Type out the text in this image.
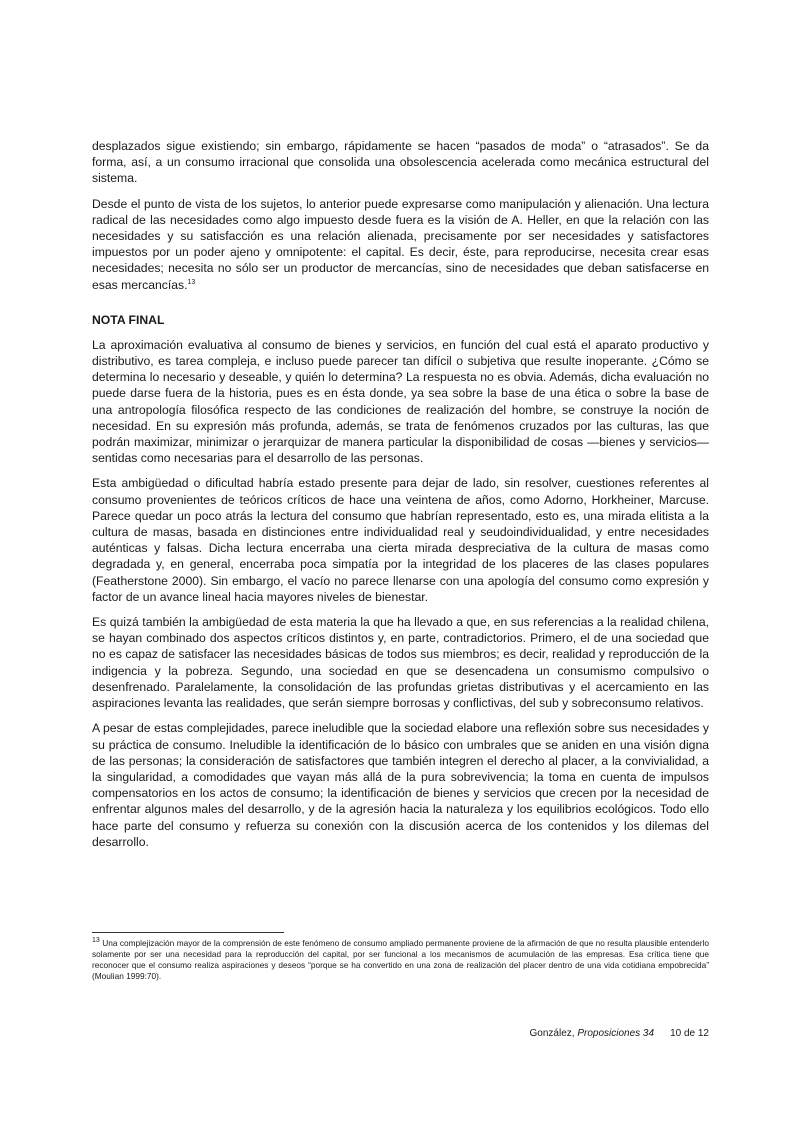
desplazados sigue existiendo; sin embargo, rápidamente se hacen “pasados de moda” o “atrasados”. Se da forma, así, a un consumo irracional que consolida una obsolescencia acelerada como mecánica estructural del sistema.

Desde el punto de vista de los sujetos, lo anterior puede expresarse como manipulación y alienación. Una lectura radical de las necesidades como algo impuesto desde fuera es la visión de A. Heller, en que la relación con las necesidades y su satisfacción es una relación alienada, precisamente por ser necesidades y satisfactores impuestos por un poder ajeno y omnipotente: el capital. Es decir, éste, para reproducirse, necesita crear esas necesidades; necesita no sólo ser un productor de mercancías, sino de necesidades que deban satisfacerse en esas mercancías.$^{13}$

NOTA FINAL

La aproximación evaluativa al consumo de bienes y servicios, en función del cual está el aparato productivo y distributivo, es tarea compleja, e incluso puede parecer tan difícil o subjetiva que resulte inoperante. ¿Cómo se determina lo necesario y deseable, y quién lo determina? La respuesta no es obvia. Además, dicha evaluación no puede darse fuera de la historia, pues es en ésta donde, ya sea sobre la base de una ética o sobre la base de una antropología filosófica respecto de las condiciones de realización del hombre, se construye la noción de necesidad. En su expresión más profunda, además, se trata de fenómenos cruzados por las culturas, las que podrán maximizar, minimizar o jerarquizar de manera particular la disponibilidad de cosas —bienes y servicios— sentidas como necesarias para el desarrollo de las personas.

Esta ambigüedad o dificultad habría estado presente para dejar de lado, sin resolver, cuestiones referentes al consumo provenientes de teóricos críticos de hace una veintena de años, como Adorno, Horkheiner, Marcuse. Parece quedar un poco atrás la lectura del consumo que habrían representado, esto es, una mirada elitista a la cultura de masas, basada en distinciones entre individualidad real y seudoindividualidad, y entre necesidades auténticas y falsas. Dicha lectura encerraba una cierta mirada despreciativa de la cultura de masas como degradada y, en general, encerraba poca simpatía por la integridad de los placeres de las clases populares (Featherstone 2000). Sin embargo, el vacío no parece llenarse con una apología del consumo como expresión y factor de un avance lineal hacia mayores niveles de bienestar.

Es quizá también la ambigüedad de esta materia la que ha llevado a que, en sus referencias a la realidad chilena, se hayan combinado dos aspectos críticos distintos y, en parte, contradictorios. Primero, el de una sociedad que no es capaz de satisfacer las necesidades básicas de todos sus miembros; es decir, realidad y reproducción de la indigencia y la pobreza. Segundo, una sociedad en que se desencadena un consumismo compulsivo o desenfrenado. Paralelamente, la consolidación de las profundas grietas distributivas y el acercamiento en las aspiraciones levanta las realidades, que serán siempre borrosas y conflictivas, del sub y sobreconsumo relativos.

A pesar de estas complejidades, parece ineludible que la sociedad elabore una reflexión sobre sus necesidades y su práctica de consumo. Ineludible la identificación de lo básico con umbrales que se aniden en una visión digna de las personas; la consideración de satisfactores que también integren el derecho al placer, a la convivialidad, a la singularidad, a comodidades que vayan más allá de la pura sobrevivencia; la toma en cuenta de impulsos compensatorios en los actos de consumo; la identificación de bienes y servicios que crecen por la necesidad de enfrentar algunos males del desarrollo, y de la agresión hacia la naturaleza y los equilibrios ecológicos. Todo ello hace parte del consumo y refuerza su conexión con la discusión acerca de los contenidos y los dilemas del desarrollo.

$^{13}$ Una complejización mayor de la comprensión de este fenómeno de consumo ampliado permanente proviene de la afirmación de que no resulta plausible entenderlo solamente por ser una necesidad para la reproducción del capital, por ser funcional a los mecanismos de acumulación de las empresas. Esa crítica tiene que reconocer que el consumo realiza aspiraciones y deseos “porque se ha convertido en una zona de realización del placer dentro de una vida cotidiana empobrecida” (Moulian 1999:70).

González, Proposiciones 34 10 de 12
